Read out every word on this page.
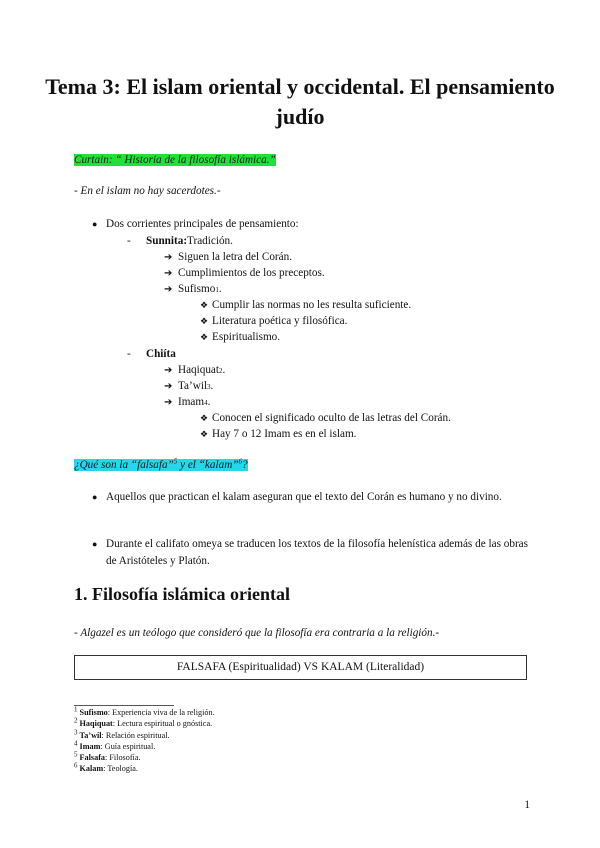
Tema 3: El islam oriental y occidental. El pensamiento judío
Curtain: “ Historia de la filosofía islámica.”
- En el islam no hay sacerdotes.-
● Dos corrientes principales de pensamiento:
-	Sunnita: Tradición.
➔ Siguen la letra del Corán.
➔ Cumplimientos de los preceptos.
➔ Sufismo 1 .
❖ Cumplir las normas no les resulta suficiente.
❖ Literatura poética y filosófica.
❖ Espiritualismo.
-	Chiíta
➔ Haqiquat 2 .
➔ Ta’wil 3 .
➔ Imam 4 .
❖ Conocen el significado oculto de las letras del Corán.
❖ Hay 7 o 12 Imam es en el islam.
¿Qué son la “falsafa”$^5$ y el “kalam”$^6$?
● Aquellos que practican el kalam aseguran que el texto del Corán es humano y no divino.
● Durante el califato omeya se traducen los textos de la filosofía helenística además de las obras de Aristóteles y Platón.
1. Filosofía islámica oriental
- Algazel es un teólogo que consideró que la filosofía era contraria a la religión.-
FALSAFA (Espiritualidad) VS KALAM (Literalidad)
$^1$ Sufismo: Experiencia viva de la religión.
$^2$ Haqiquat: Lectura espiritual o gnóstica.
$^3$ Ta’wil: Relación espiritual.
$^4$ Imam: Guía espiritual.
$^5$ Falsafa: Filosofía.
$^6$ Kalam: Teología.
1
